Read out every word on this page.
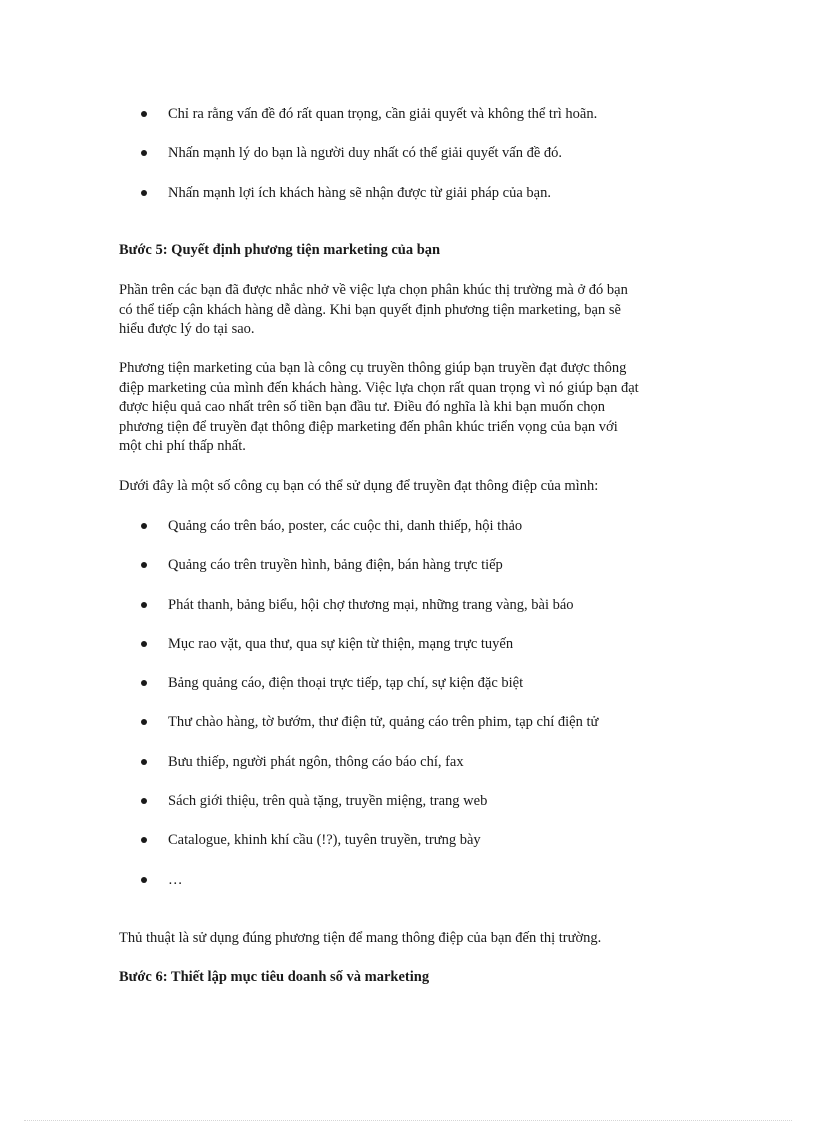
Chỉ ra rằng vấn đề đó rất quan trọng, cần giải quyết và không thể trì hoãn.
Nhấn mạnh lý do bạn là người duy nhất có thể giải quyết vấn đề đó.
Nhấn mạnh lợi ích khách hàng sẽ nhận được từ giải pháp của bạn.
Bước 5: Quyết định phương tiện marketing của bạn
Phần trên các bạn đã được nhắc nhở về việc lựa chọn phân khúc thị trường mà ở đó bạn
có thể tiếp cận khách hàng dễ dàng. Khi bạn quyết định phương tiện marketing, bạn sẽ
hiểu được lý do tại sao.
Phương tiện marketing của bạn là công cụ truyền thông giúp bạn truyền đạt được thông
điệp marketing của mình đến khách hàng. Việc lựa chọn rất quan trọng vì nó giúp bạn đạt
được hiệu quả cao nhất trên số tiền bạn đầu tư. Điều đó nghĩa là khi bạn muốn chọn
phương tiện để truyền đạt thông điệp marketing đến phân khúc triển vọng của bạn với
một chi phí thấp nhất.
Dưới đây là một số công cụ bạn có thể sử dụng để truyền đạt thông điệp của mình:
Quảng cáo trên báo, poster, các cuộc thi, danh thiếp, hội thảo
Quảng cáo trên truyền hình, bảng điện, bán hàng trực tiếp
Phát thanh, bảng biểu, hội chợ thương mại, những trang vàng, bài báo
Mục rao vặt, qua thư, qua sự kiện từ thiện, mạng trực tuyến
Bảng quảng cáo, điện thoại trực tiếp, tạp chí, sự kiện đặc biệt
Thư chào hàng, tờ bướm, thư điện tử, quảng cáo trên phim, tạp chí điện tử
Bưu thiếp, người phát ngôn, thông cáo báo chí, fax
Sách giới thiệu, trên quà tặng, truyền miệng, trang web
Catalogue, khinh khí cầu (!?), tuyên truyền, trưng bày
…
Thủ thuật là sử dụng đúng phương tiện để mang thông điệp của bạn đến thị trường.
Bước 6: Thiết lập mục tiêu doanh số và marketing
